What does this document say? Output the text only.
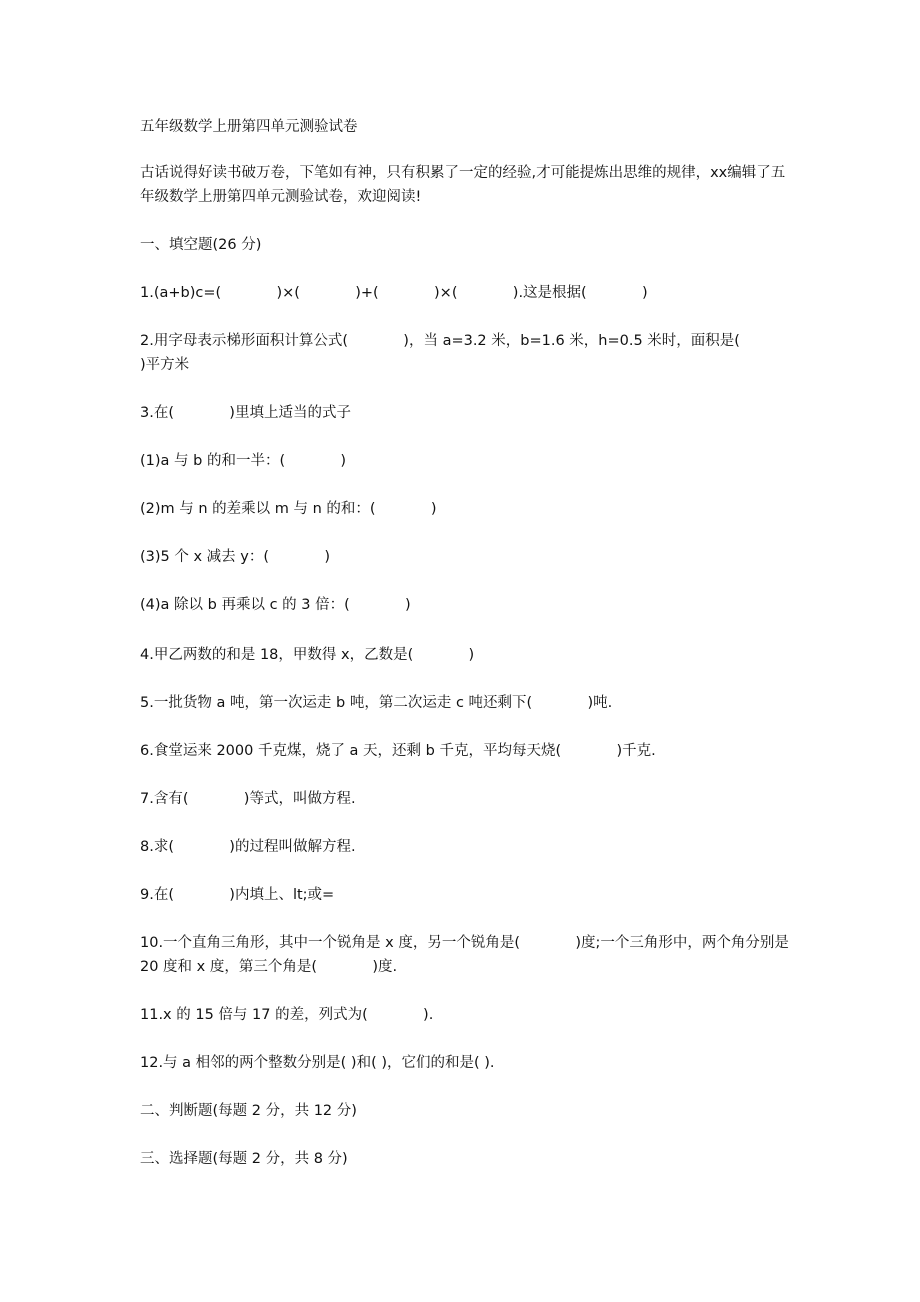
五年级数学上册第四单元测验试卷
古话说得好读书破万卷，下笔如有神，只有积累了一定的经验,才可能提炼出思维的规律，xx编辑了五年级数学上册第四单元测验试卷，欢迎阅读!
一、填空题(26 分)
1.(a+b)c=(            )×(            )+(            )×(            ).这是根据(            )
2.用字母表示梯形面积计算公式(            )，当 a=3.2 米，b=1.6 米，h=0.5 米时，面积是(            )平方米
3.在(            )里填上适当的式子
(1)a 与 b 的和一半：(            )
(2)m 与 n 的差乘以 m 与 n 的和：(            )
(3)5 个 x 减去 y：(            )
(4)a 除以 b 再乘以 c 的 3 倍：(            )
4.甲乙两数的和是 18，甲数得 x，乙数是(            )
5.一批货物 a 吨，第一次运走 b 吨，第二次运走 c 吨还剩下(            )吨.
6.食堂运来 2000 千克煤，烧了 a 天，还剩 b 千克，平均每天烧(            )千克.
7.含有(            )等式，叫做方程.
8.求(            )的过程叫做解方程.
9.在(            )内填上、lt;或=
10.一个直角三角形，其中一个锐角是 x 度，另一个锐角是(            )度;一个三角形中，两个角分别是 20 度和 x 度，第三个角是(            )度.
11.x 的 15 倍与 17 的差，列式为(            ).
12.与 a 相邻的两个整数分别是( )和( )，它们的和是( ).
二、判断题(每题 2 分，共 12 分)
三、选择题(每题 2 分，共 8 分)
